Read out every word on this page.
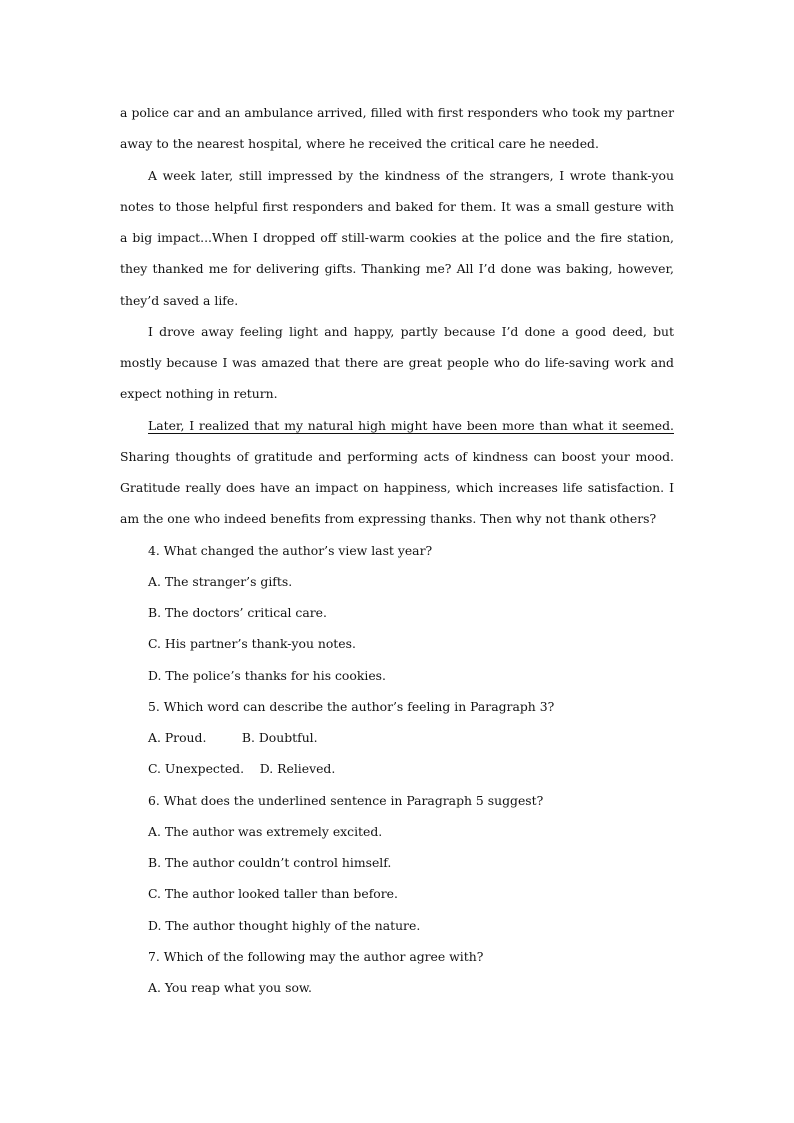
a police car and an ambulance arrived, filled with first responders who took my partner away to the nearest hospital, where he received the critical care he needed.

A week later, still impressed by the kindness of the strangers, I wrote thank-you notes to those helpful first responders and baked for them. It was a small gesture with a big impact...When I dropped off still-warm cookies at the police and the fire station, they thanked me for delivering gifts. Thanking me? All I’d done was baking, however, they’d saved a life.

I drove away feeling light and happy, partly because I’d done a good deed, but mostly because I was amazed that there are great people who do life-saving work and expect nothing in return.

Later, I realized that my natural high might have been more than what it seemed. Sharing thoughts of gratitude and performing acts of kindness can boost your mood. Gratitude really does have an impact on happiness, which increases life satisfaction. I am the one who indeed benefits from expressing thanks. Then why not thank others?

4. What changed the author’s view last year?

A. The stranger’s gifts.

B. The doctors’ critical care.

C. His partner’s thank-you notes.

D. The police’s thanks for his cookies.

5. Which word can describe the author’s feeling in Paragraph 3?

A. Proud.         B. Doubtful.

C. Unexpected.    D. Relieved.

6. What does the underlined sentence in Paragraph 5 suggest?

A. The author was extremely excited.

B. The author couldn’t control himself.

C. The author looked taller than before.

D. The author thought highly of the nature.

7. Which of the following may the author agree with?

A. You reap what you sow.
